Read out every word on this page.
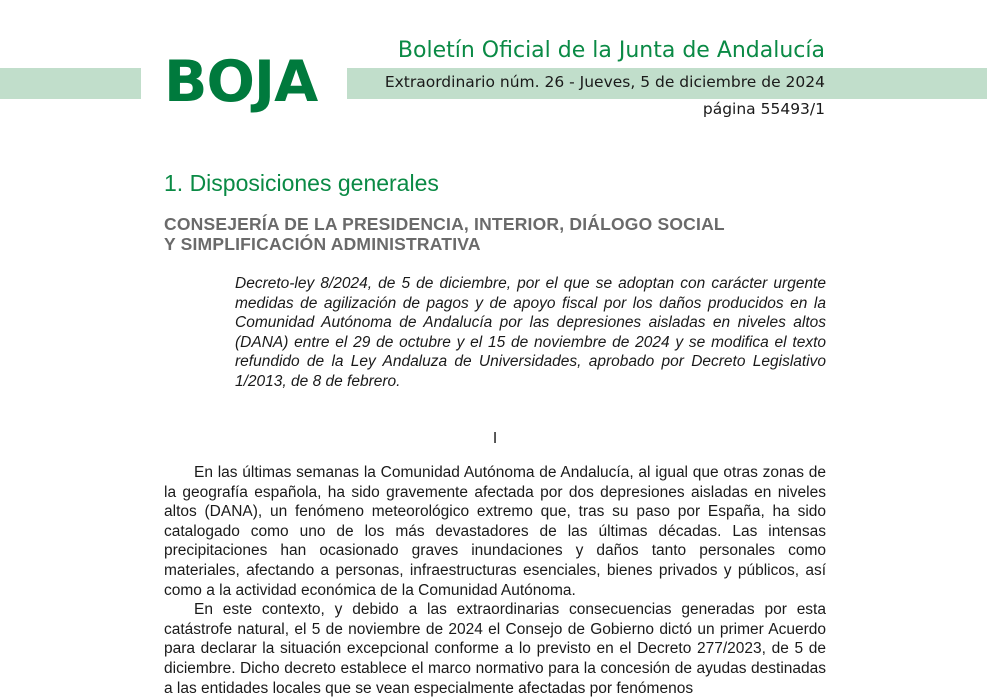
BOJA	Boletín Oficial de la Junta de Andalucía
Extraordinario núm. 26 - Jueves, 5 de diciembre de 2024
página 55493/1
1. Disposiciones generales
CONSEJERÍA DE LA PRESIDENCIA, INTERIOR, DIÁLOGO SOCIAL
Y SIMPLIFICACIÓN ADMINISTRATIVA
Decreto-ley 8/2024, de 5 de diciembre, por el que se adoptan con carácter urgente medidas de agilización de pagos y de apoyo fiscal por los daños producidos en la Comunidad Autónoma de Andalucía por las depresiones aisladas en niveles altos (DANA) entre el 29 de octubre y el 15 de noviembre de 2024 y se modifica el texto refundido de la Ley Andaluza de Universidades, aprobado por Decreto Legislativo 1/2013, de 8 de febrero.
I

En las últimas semanas la Comunidad Autónoma de Andalucía, al igual que otras zonas de la geografía española, ha sido gravemente afectada por dos depresiones aisladas en niveles altos (DANA), un fenómeno meteorológico extremo que, tras su paso por España, ha sido catalogado como uno de los más devastadores de las últimas décadas. Las intensas precipitaciones han ocasionado graves inundaciones y daños tanto personales como materiales, afectando a personas, infraestructuras esenciales, bienes privados y públicos, así como a la actividad económica de la Comunidad Autónoma.

En este contexto, y debido a las extraordinarias consecuencias generadas por esta catástrofe natural, el 5 de noviembre de 2024 el Consejo de Gobierno dictó un primer Acuerdo para declarar la situación excepcional conforme a lo previsto en el Decreto 277/2023, de 5 de diciembre. Dicho decreto establece el marco normativo para la concesión de ayudas destinadas a las entidades locales que se vean especialmente afectadas por fenómenos
